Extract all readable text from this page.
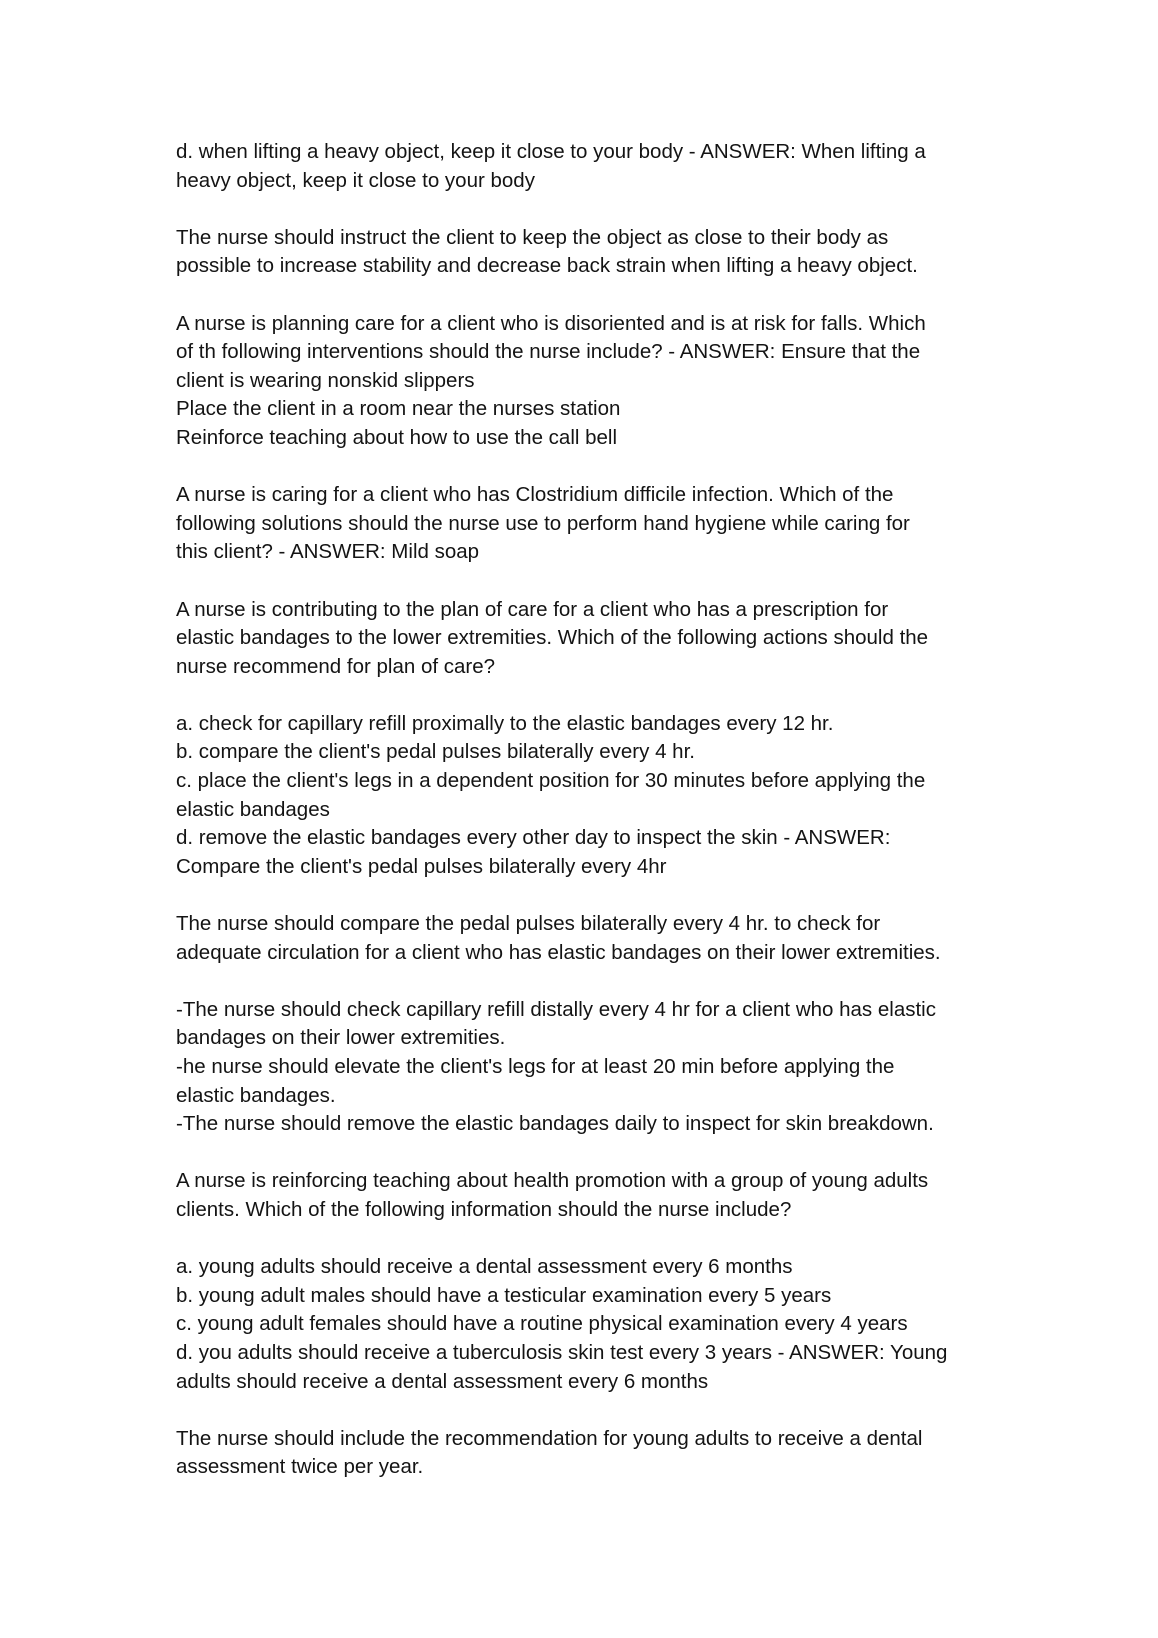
d. when lifting a heavy object, keep it close to your body - ANSWER: When lifting a
heavy object, keep it close to your body
The nurse should instruct the client to keep the object as close to their body as
possible to increase stability and decrease back strain when lifting a heavy object.
A nurse is planning care for a client who is disoriented and is at risk for falls. Which
of th following interventions should the nurse include? - ANSWER: Ensure that the
client is wearing nonskid slippers
Place the client in a room near the nurses station
Reinforce teaching about how to use the call bell
A nurse is caring for a client who has Clostridium difficile infection. Which of the
following solutions should the nurse use to perform hand hygiene while caring for
this client? - ANSWER: Mild soap
A nurse is contributing to the plan of care for a client who has a prescription for
elastic bandages to the lower extremities. Which of the following actions should the
nurse recommend for plan of care?
a. check for capillary refill proximally to the elastic bandages every 12 hr.
b. compare the client's pedal pulses bilaterally every 4 hr.
c. place the client's legs in a dependent position for 30 minutes before applying the
elastic bandages
d. remove the elastic bandages every other day to inspect the skin - ANSWER:
Compare the client's pedal pulses bilaterally every 4hr
The nurse should compare the pedal pulses bilaterally every 4 hr. to check for
adequate circulation for a client who has elastic bandages on their lower extremities.
-The nurse should check capillary refill distally every 4 hr for a client who has elastic
bandages on their lower extremities.
-he nurse should elevate the client's legs for at least 20 min before applying the
elastic bandages.
-The nurse should remove the elastic bandages daily to inspect for skin breakdown.
A nurse is reinforcing teaching about health promotion with a group of young adults
clients. Which of the following information should the nurse include?
a. young adults should receive a dental assessment every 6 months
b. young adult males should have a testicular examination every 5 years
c. young adult females should have a routine physical examination every 4 years
d. you adults should receive a tuberculosis skin test every 3 years - ANSWER: Young
adults should receive a dental assessment every 6 months
The nurse should include the recommendation for young adults to receive a dental
assessment twice per year.
